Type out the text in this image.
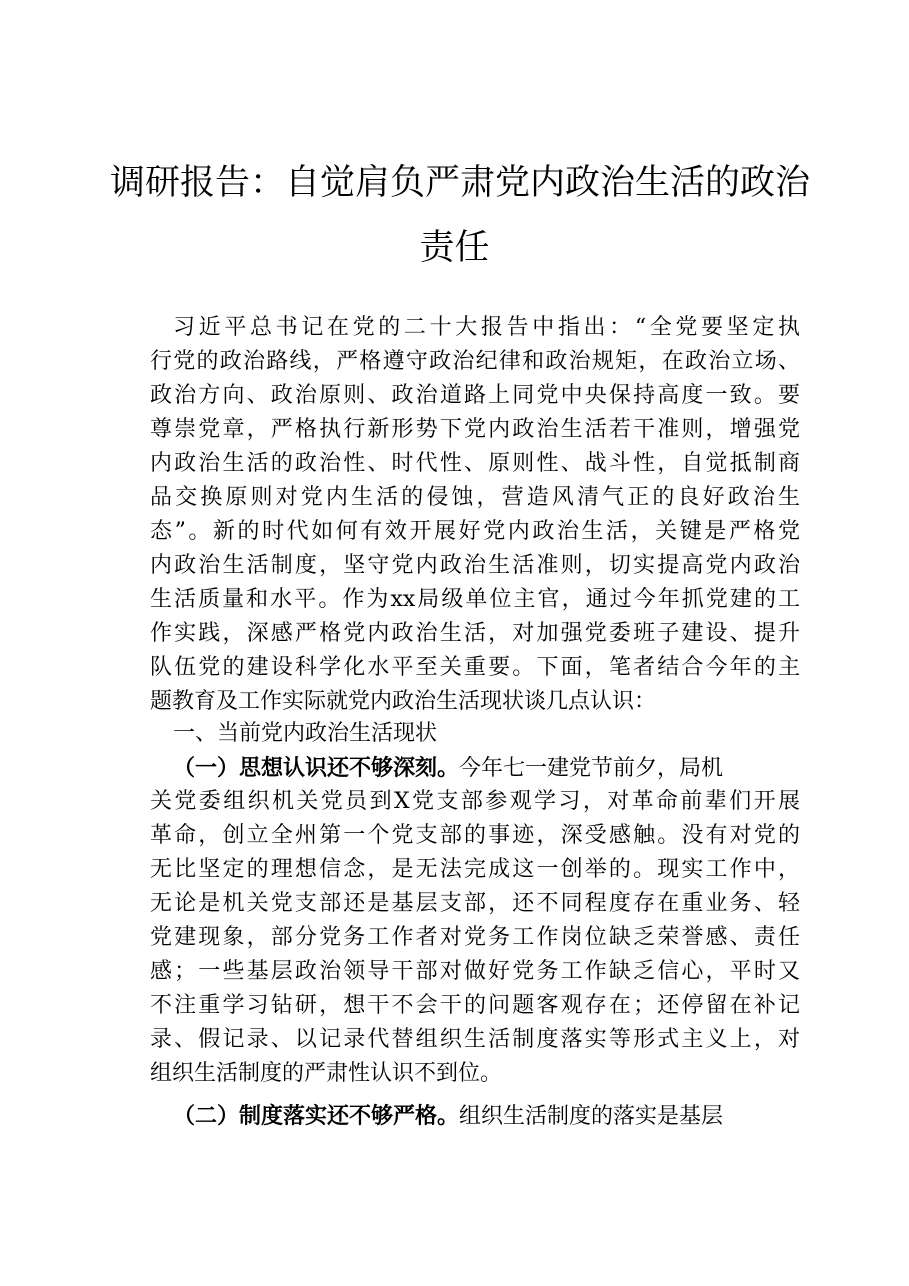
调研报告：自觉肩负严肃党内政治生活的政治
责任
习近平总书记在党的二十大报告中指出：“全党要坚定执
行党的政治路线，严格遵守政治纪律和政治规矩，在政治立场、
政治方向、政治原则、政治道路上同党中央保持高度一致。要
尊崇党章，严格执行新形势下党内政治生活若干准则，增强党
内政治生活的政治性、时代性、原则性、战斗性，自觉抵制商
品交换原则对党内生活的侵蚀，营造风清气正的良好政治生
态”。新的时代如何有效开展好党内政治生活，关键是严格党
内政治生活制度，坚守党内政治生活准则，切实提高党内政治
生活质量和水平。作为xx局级单位主官，通过今年抓党建的工
作实践，深感严格党内政治生活，对加强党委班子建设、提升
队伍党的建设科学化水平至关重要。下面，笔者结合今年的主
题教育及工作实际就党内政治生活现状谈几点认识：
一、当前党内政治生活现状
（一）思想认识还不够深刻。今年七一建党节前夕，局机
关党委组织机关党员到X党支部参观学习，对革命前辈们开展
革命，创立全州第一个党支部的事迹，深受感触。没有对党的
无比坚定的理想信念，是无法完成这一创举的。现实工作中，
无论是机关党支部还是基层支部，还不同程度存在重业务、轻
党建现象，部分党务工作者对党务工作岗位缺乏荣誉感、责任
感；一些基层政治领导干部对做好党务工作缺乏信心，平时又
不注重学习钻研，想干不会干的问题客观存在；还停留在补记
录、假记录、以记录代替组织生活制度落实等形式主义上，对
组织生活制度的严肃性认识不到位。
（二）制度落实还不够严格。组织生活制度的落实是基层
